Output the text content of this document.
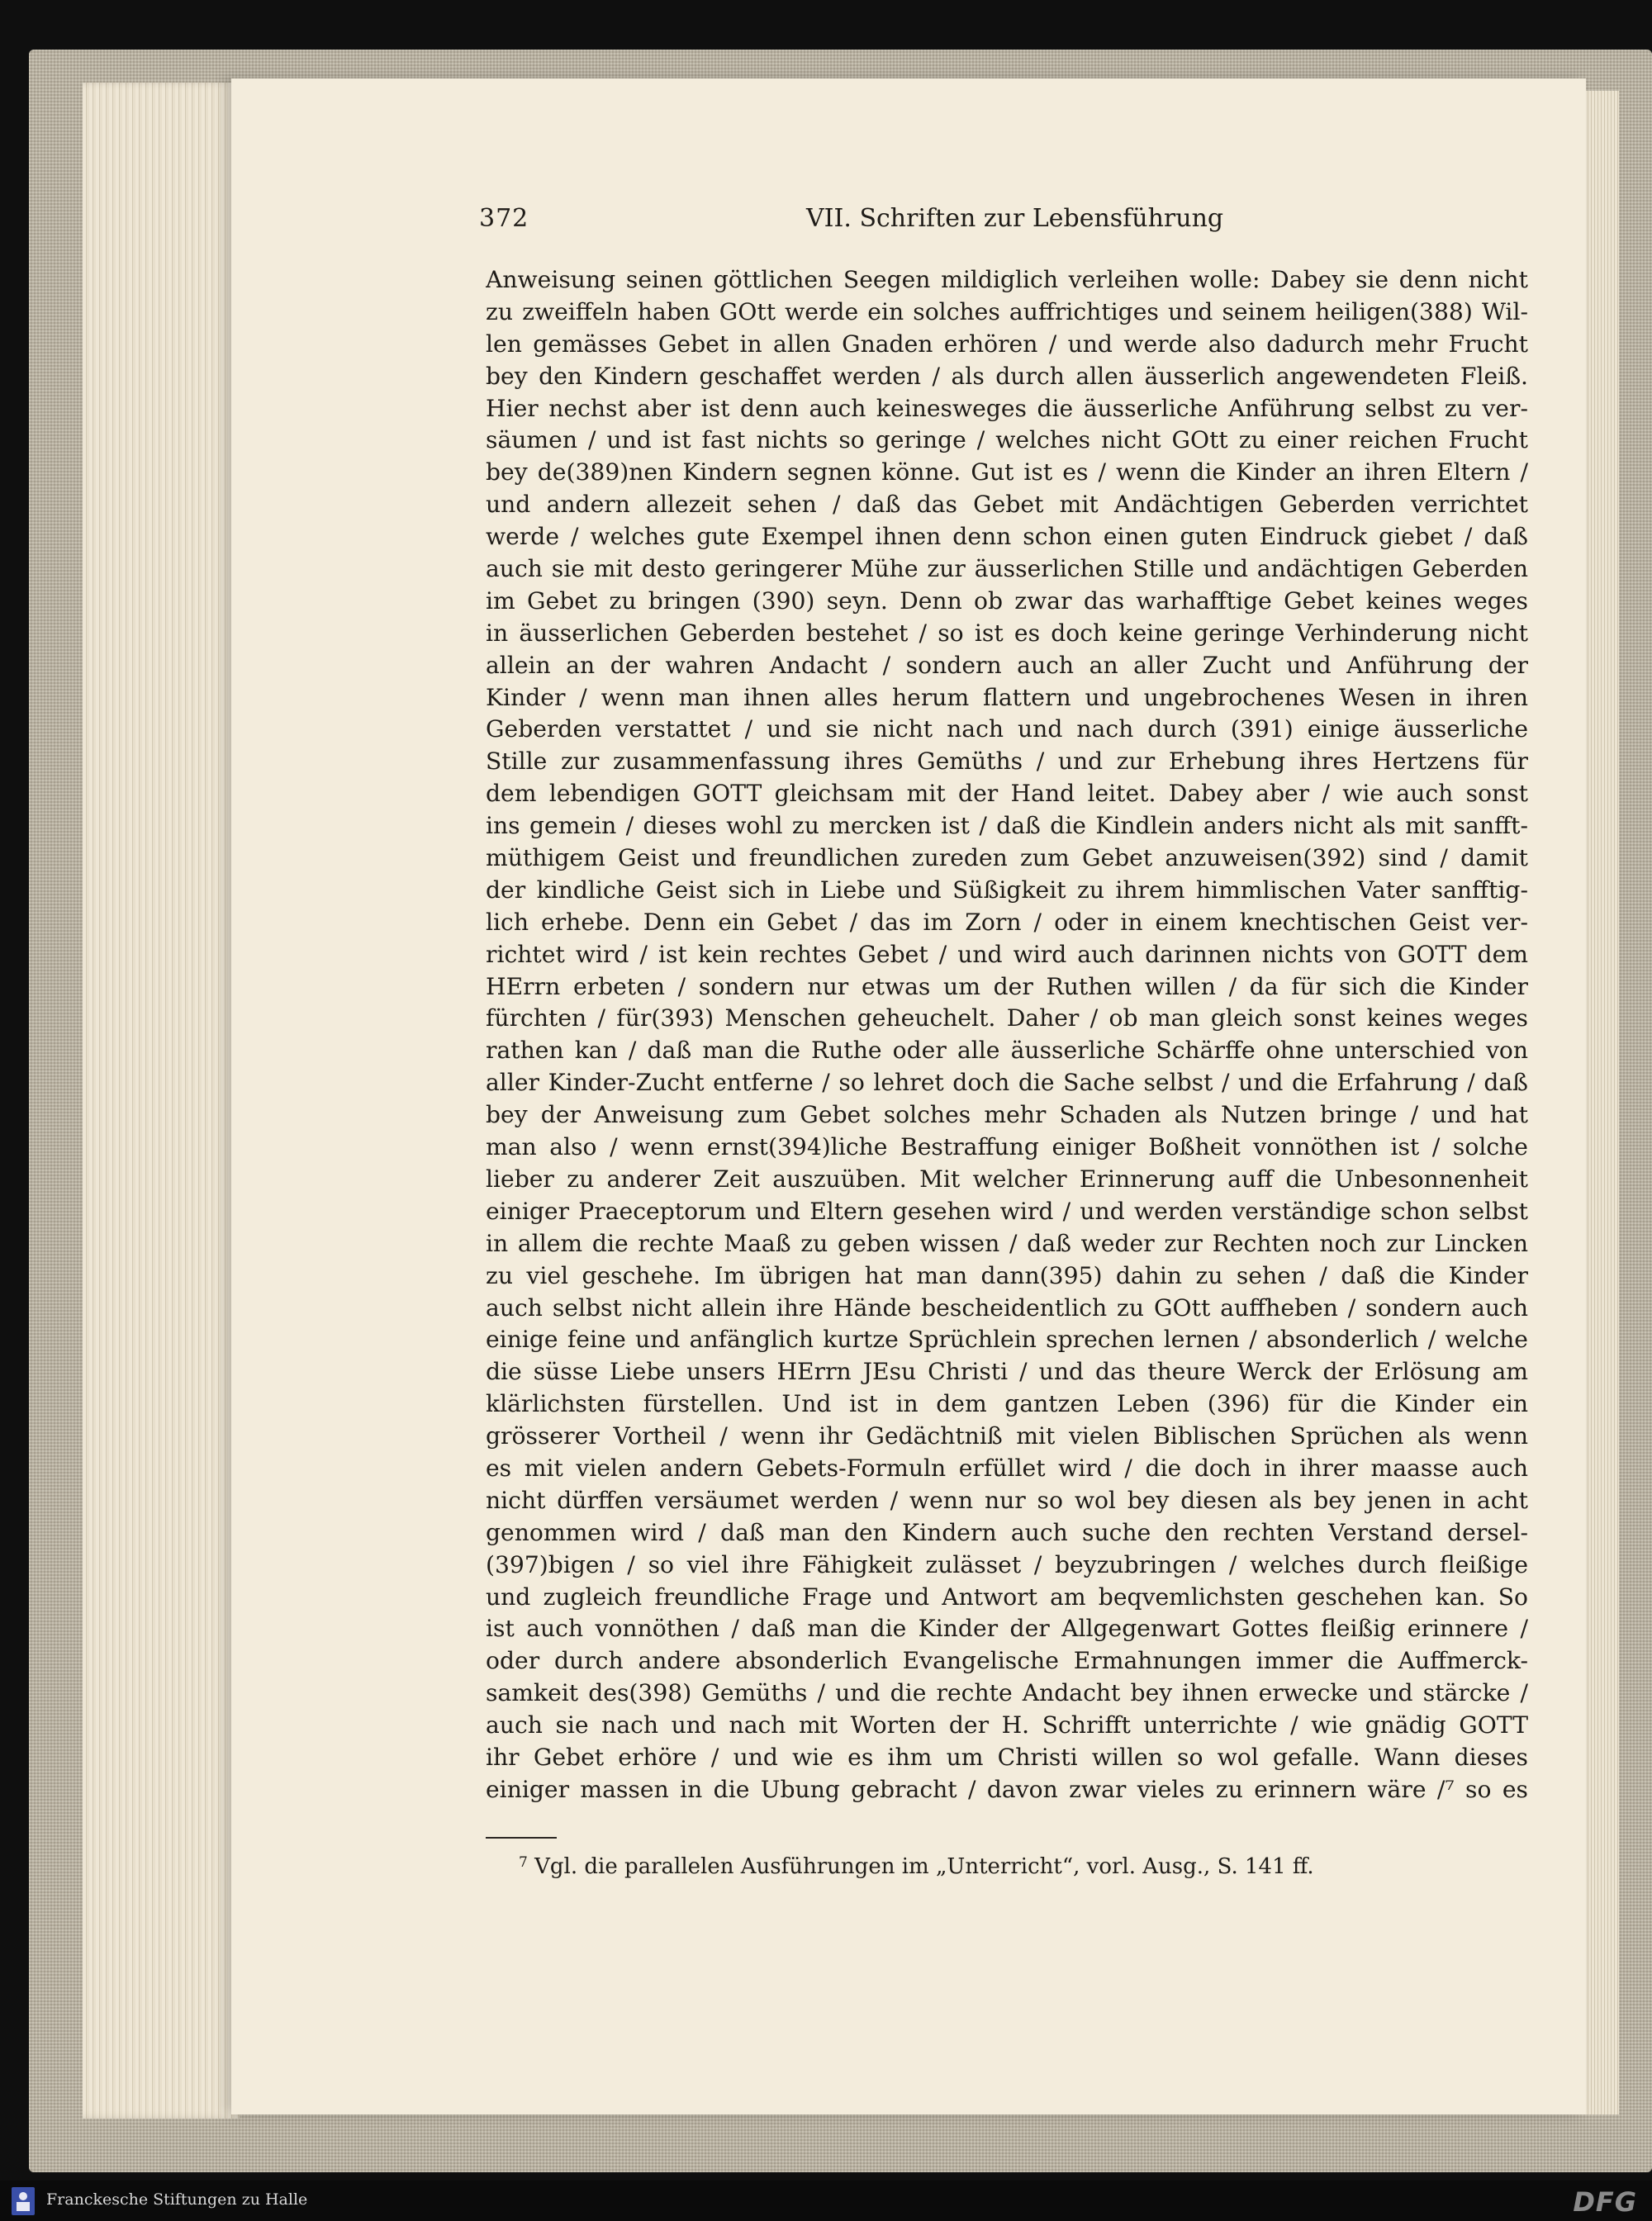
372	VII. Schriften zur Lebensführung
Anweisung seinen göttlichen Seegen mildiglich verleihen wolle: Dabey sie denn nicht
zu zweiffeln haben GOtt werde ein solches auffrichtiges und seinem heiligen(388) Wil-
len gemässes Gebet in allen Gnaden erhören / und werde also dadurch mehr Frucht
bey den Kindern geschaffet werden / als durch allen äusserlich angewendeten Fleiß.
Hier nechst aber ist denn auch keinesweges die äusserliche Anführung selbst zu ver-
säumen / und ist fast nichts so geringe / welches nicht GOtt zu einer reichen Frucht
bey de(389)nen Kindern segnen könne. Gut ist es / wenn die Kinder an ihren Eltern /
und andern allezeit sehen / daß das Gebet mit Andächtigen Geberden verrichtet
werde / welches gute Exempel ihnen denn schon einen guten Eindruck giebet / daß
auch sie mit desto geringerer Mühe zur äusserlichen Stille und andächtigen Geberden
im Gebet zu bringen (390) seyn. Denn ob zwar das warhafftige Gebet keines weges
in äusserlichen Geberden bestehet / so ist es doch keine geringe Verhinderung nicht
allein an der wahren Andacht / sondern auch an aller Zucht und Anführung der
Kinder / wenn man ihnen alles herum flattern und ungebrochenes Wesen in ihren
Geberden verstattet / und sie nicht nach und nach durch (391) einige äusserliche
Stille zur zusammenfassung ihres Gemüths / und zur Erhebung ihres Hertzens für
dem lebendigen GOTT gleichsam mit der Hand leitet. Dabey aber / wie auch sonst
ins gemein / dieses wohl zu mercken ist / daß die Kindlein anders nicht als mit sanfft-
müthigem Geist und freundlichen zureden zum Gebet anzuweisen(392) sind / damit
der kindliche Geist sich in Liebe und Süßigkeit zu ihrem himmlischen Vater sanfftig-
lich erhebe. Denn ein Gebet / das im Zorn / oder in einem knechtischen Geist ver-
richtet wird / ist kein rechtes Gebet / und wird auch darinnen nichts von GOTT dem
HErrn erbeten / sondern nur etwas um der Ruthen willen / da für sich die Kinder
fürchten / für(393) Menschen geheuchelt. Daher / ob man gleich sonst keines weges
rathen kan / daß man die Ruthe oder alle äusserliche Schärffe ohne unterschied von
aller Kinder-Zucht entferne / so lehret doch die Sache selbst / und die Erfahrung / daß
bey der Anweisung zum Gebet solches mehr Schaden als Nutzen bringe / und hat
man also / wenn ernst(394)liche Bestraffung einiger Boßheit vonnöthen ist / solche
lieber zu anderer Zeit auszuüben. Mit welcher Erinnerung auff die Unbesonnenheit
einiger Praeceptorum und Eltern gesehen wird / und werden verständige schon selbst
in allem die rechte Maaß zu geben wissen / daß weder zur Rechten noch zur Lincken
zu viel geschehe. Im übrigen hat man dann(395) dahin zu sehen / daß die Kinder
auch selbst nicht allein ihre Hände bescheidentlich zu GOtt auffheben / sondern auch
einige feine und anfänglich kurtze Sprüchlein sprechen lernen / absonderlich / welche
die süsse Liebe unsers HErrn JEsu Christi / und das theure Werck der Erlösung am
klärlichsten fürstellen. Und ist in dem gantzen Leben (396) für die Kinder ein
grösserer Vortheil / wenn ihr Gedächtniß mit vielen Biblischen Sprüchen als wenn
es mit vielen andern Gebets-Formuln erfüllet wird / die doch in ihrer maasse auch
nicht dürffen versäumet werden / wenn nur so wol bey diesen als bey jenen in acht
genommen wird / daß man den Kindern auch suche den rechten Verstand dersel-
(397)bigen / so viel ihre Fähigkeit zulässet / beyzubringen / welches durch fleißige
und zugleich freundliche Frage und Antwort am beqvemlichsten geschehen kan. So
ist auch vonnöthen / daß man die Kinder der Allgegenwart Gottes fleißig erinnere /
oder durch andere absonderlich Evangelische Ermahnungen immer die Auffmerck-
samkeit des(398) Gemüths / und die rechte Andacht bey ihnen erwecke und stärcke /
auch sie nach und nach mit Worten der H. Schrifft unterrichte / wie gnädig GOTT
ihr Gebet erhöre / und wie es ihm um Christi willen so wol gefalle. Wann dieses
einiger massen in die Ubung gebracht / davon zwar vieles zu erinnern wäre /⁷ so es
$^7$ Vgl. die parallelen Ausführungen im „Unterricht“, vorl. Ausg., S. 141 ff.
Franckesche Stiftungen zu Halle	DFG
